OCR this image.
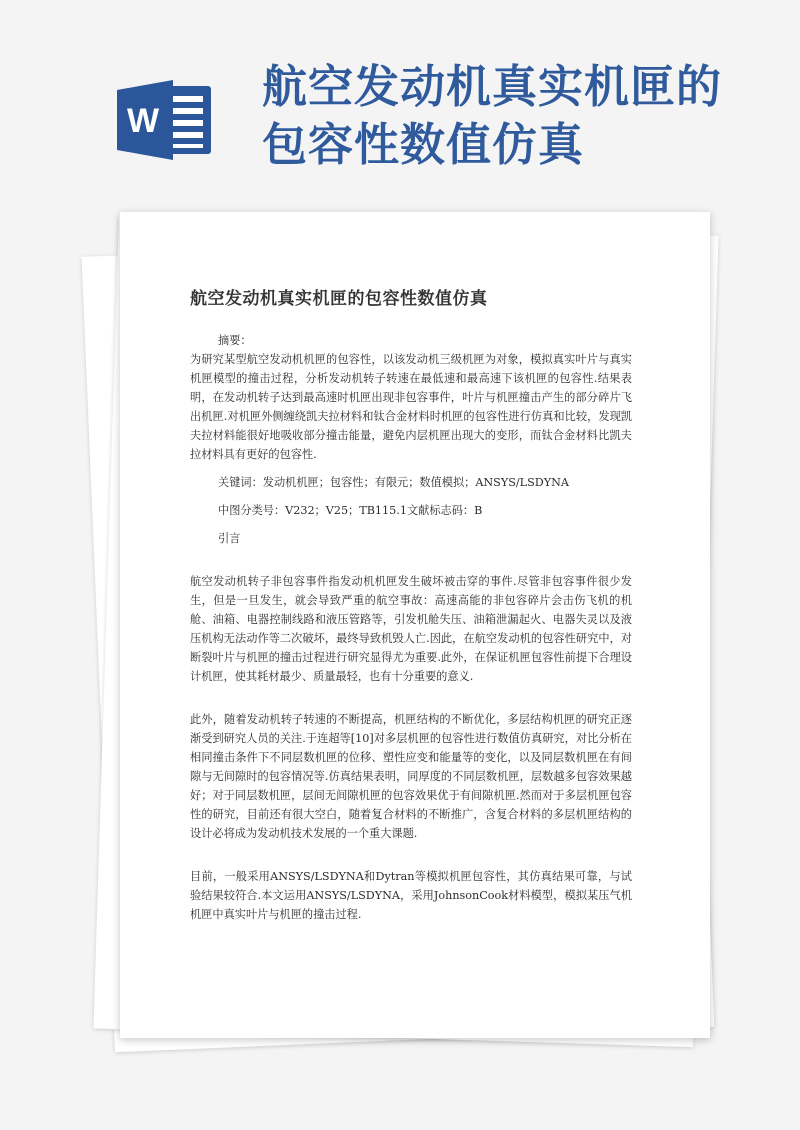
W
航空发动机真实机匣的
包容性数值仿真
航空发动机真实机匣的包容性数值仿真

摘要：

为研究某型航空发动机机匣的包容性，以该发动机三级机匣为对象，模拟真实叶片与真实机匣模型的撞击过程，分析发动机转子转速在最低速和最高速下该机匣的包容性.结果表明，在发动机转子达到最高速时机匣出现非包容事件，叶片与机匣撞击产生的部分碎片飞出机匣.对机匣外侧缠绕凯夫拉材料和钛合金材料时机匣的包容性进行仿真和比较，发现凯夫拉材料能很好地吸收部分撞击能量，避免内层机匣出现大的变形，而钛合金材料比凯夫拉材料具有更好的包容性.

关键词：发动机机匣；包容性；有限元；数值模拟；ANSYS/LSDYNA

中图分类号：V232；V25；TB115.1文献标志码：B

引言

航空发动机转子非包容事件指发动机机匣发生破坏被击穿的事件.尽管非包容事件很少发生，但是一旦发生，就会导致严重的航空事故：高速高能的非包容碎片会击伤飞机的机舱、油箱、电器控制线路和液压管路等，引发机舱失压、油箱泄漏起火、电器失灵以及液压机构无法动作等二次破坏，最终导致机毁人亡.因此，在航空发动机的包容性研究中，对断裂叶片与机匣的撞击过程进行研究显得尤为重要.此外，在保证机匣包容性前提下合理设计机匣，使其耗材最少、质量最轻，也有十分重要的意义.

此外，随着发动机转子转速的不断提高，机匣结构的不断优化，多层结构机匣的研究正逐渐受到研究人员的关注.于连超等[10]对多层机匣的包容性进行数值仿真研究，对比分析在相同撞击条件下不同层数机匣的位移、塑性应变和能量等的变化，以及同层数机匣在有间隙与无间隙时的包容情况等.仿真结果表明，同厚度的不同层数机匣，层数越多包容效果越好；对于同层数机匣，层间无间隙机匣的包容效果优于有间隙机匣.然而对于多层机匣包容性的研究，目前还有很大空白，随着复合材料的不断推广，含复合材料的多层机匣结构的设计必将成为发动机技术发展的一个重大课题.

目前，一般采用ANSYS/LSDYNA和Dytran等模拟机匣包容性，其仿真结果可靠，与试验结果较符合.本文运用ANSYS/LSDYNA，采用JohnsonCook材料模型，模拟某压气机机匣中真实叶片与机匣的撞击过程.
